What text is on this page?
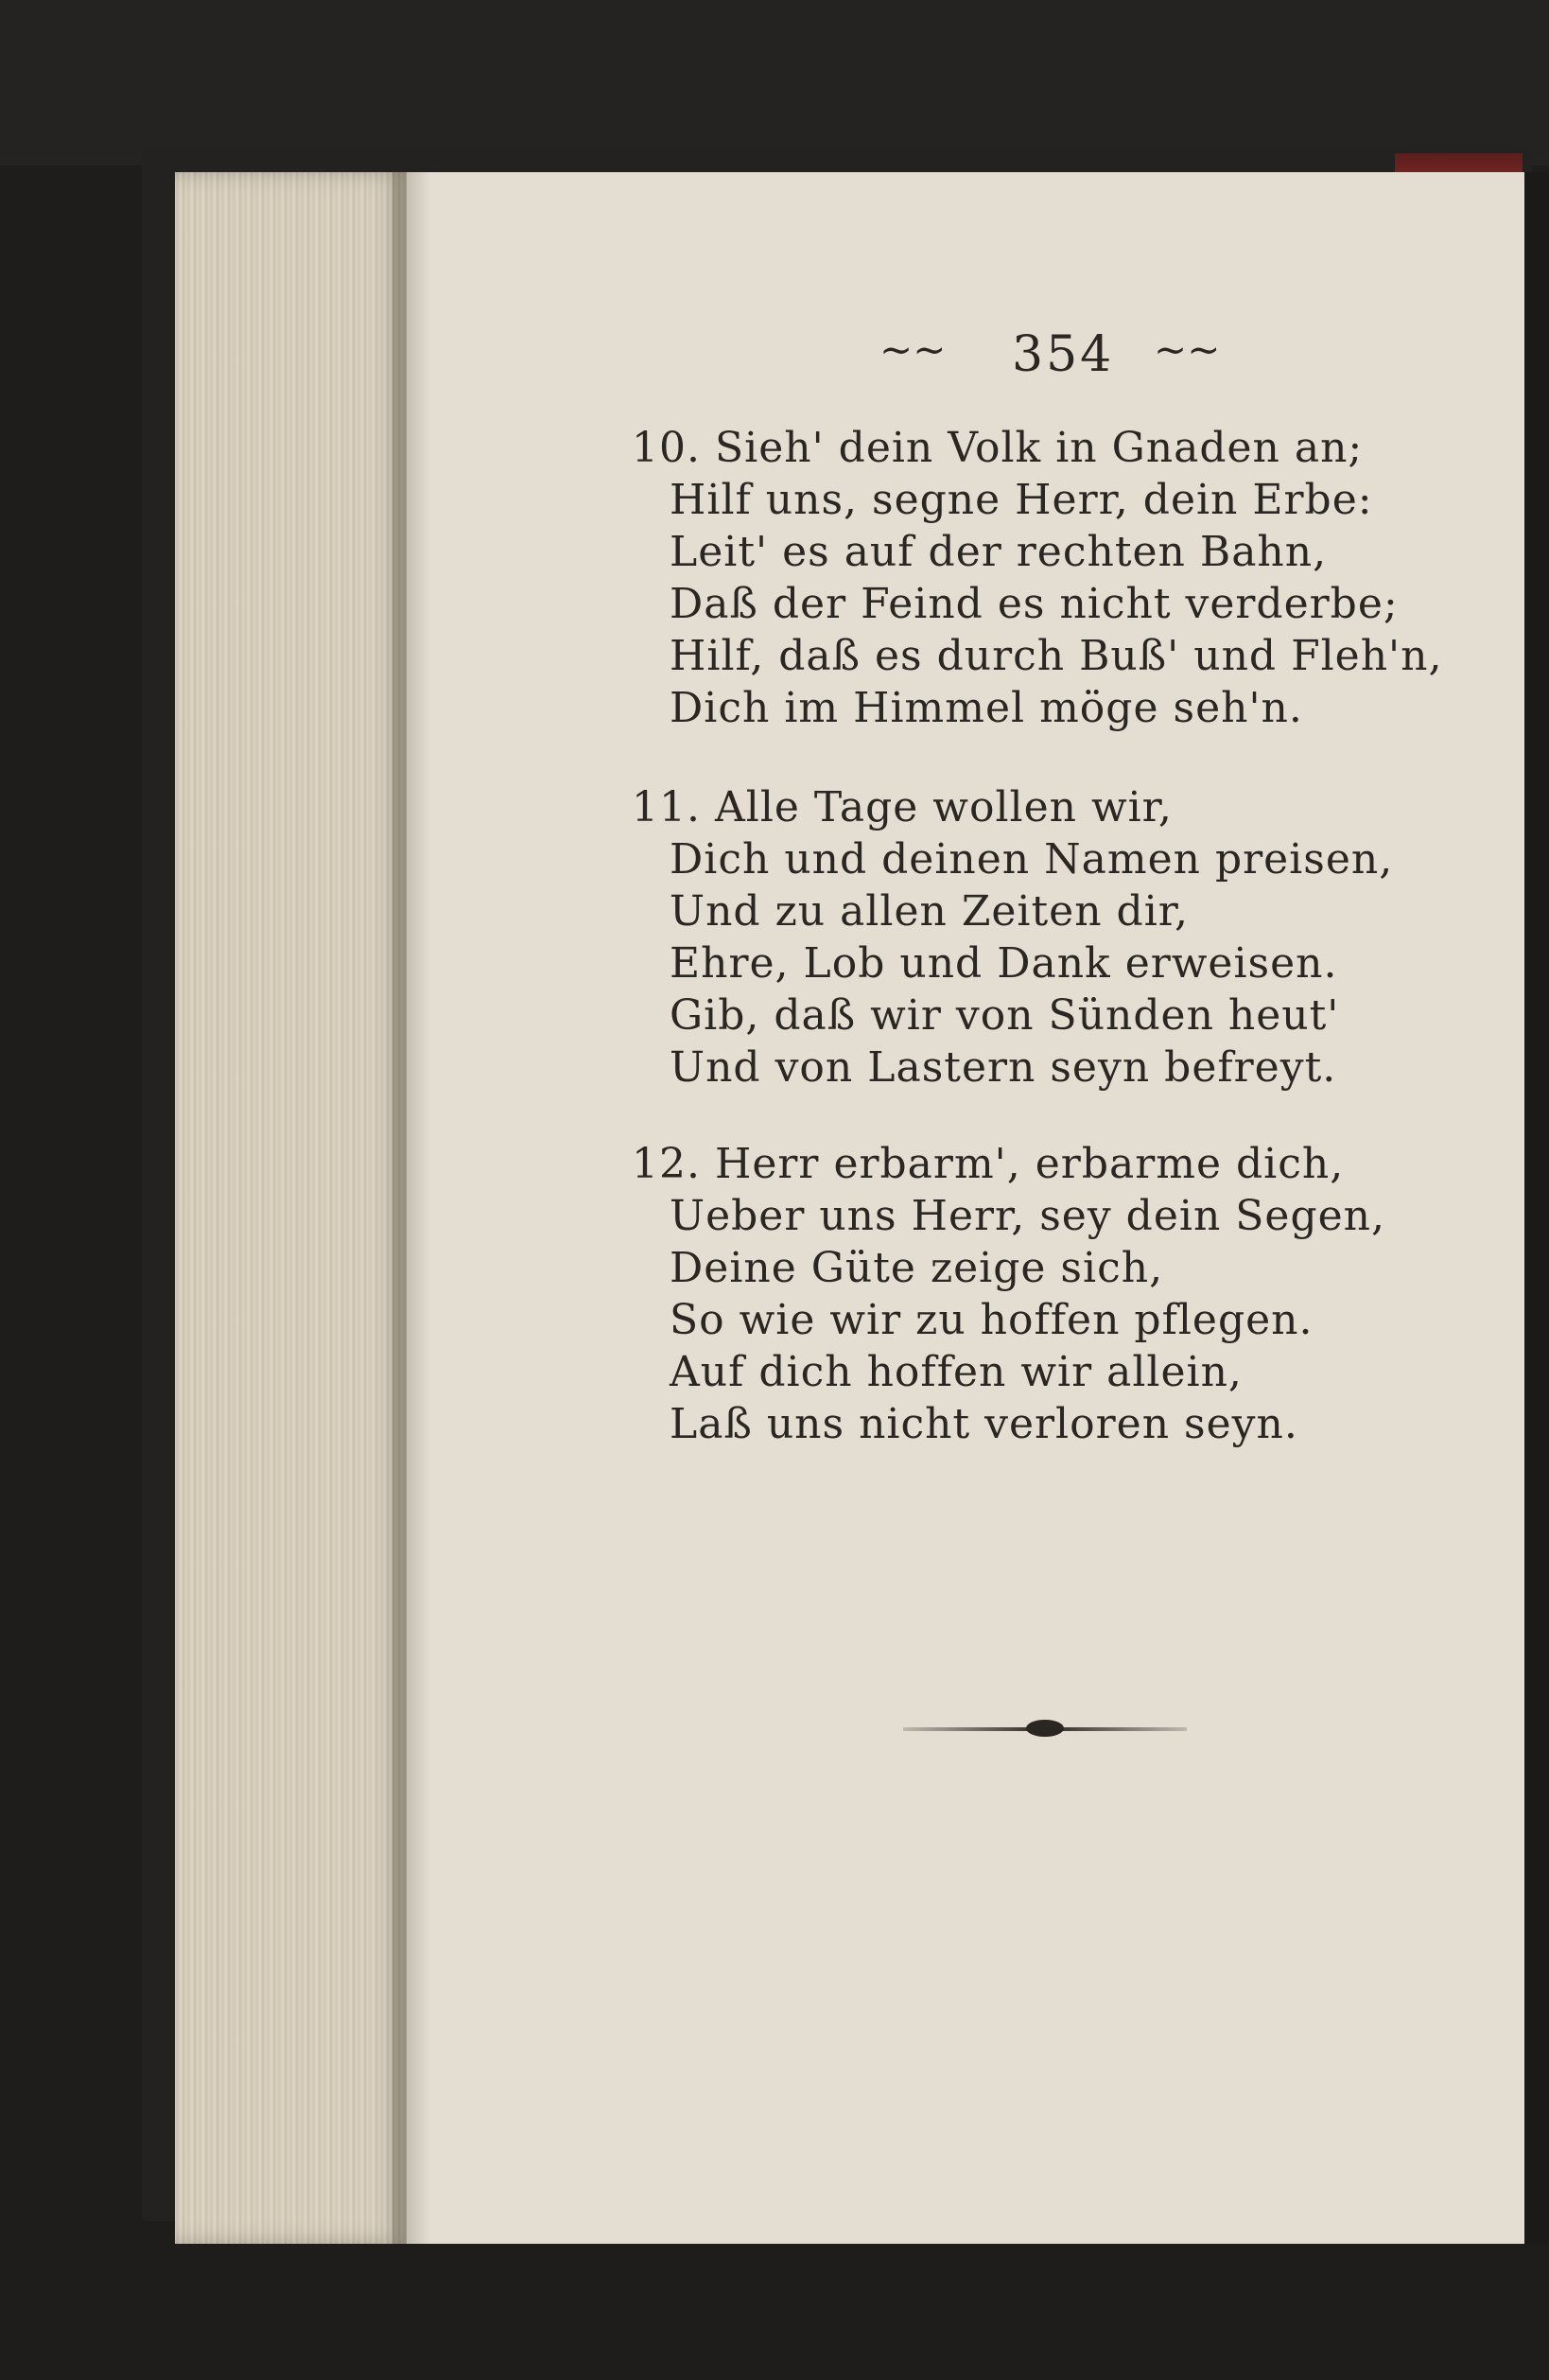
~~ 354 ~~
10. Sieh' dein Volk in Gnaden an;
Hilf uns, segne Herr, dein Erbe:
Leit' es auf der rechten Bahn,
Daß der Feind es nicht verderbe;
Hilf, daß es durch Buß' und Fleh'n,
Dich im Himmel möge seh'n.
11. Alle Tage wollen wir,
Dich und deinen Namen preisen,
Und zu allen Zeiten dir,
Ehre, Lob und Dank erweisen.
Gib, daß wir von Sünden heut'
Und von Lastern seyn befreyt.
12. Herr erbarm', erbarme dich,
Ueber uns Herr, sey dein Segen,
Deine Güte zeige sich,
So wie wir zu hoffen pflegen.
Auf dich hoffen wir allein,
Laß uns nicht verloren seyn.
